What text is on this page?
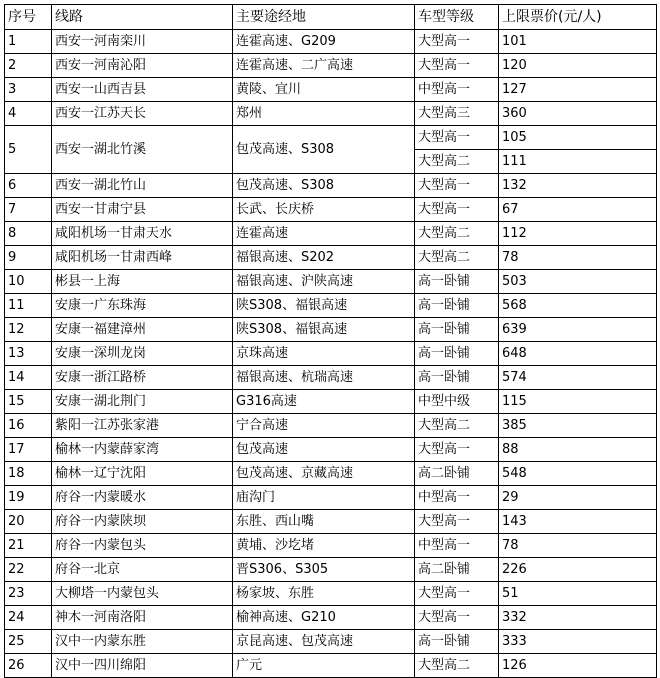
序号	线路	主要途经地	车型等级	上限票价(元/人)
1	西安一河南栾川	连霍高速、G209	大型高一	101
2	西安一河南沁阳	连霍高速、二广高速	大型高一	120
3	西安一山西吉县	黄陵、宜川	中型高一	127
4	西安一江苏天长	郑州	大型高三	360
5	西安一湖北竹溪	包茂高速、S308	大型高一	105
			大型高二	111
6	西安一湖北竹山	包茂高速、S308	大型高一	132
7	西安一甘肃宁县	长武、长庆桥	大型高一	67
8	咸阳机场一甘肃天水	连霍高速	大型高二	112
9	咸阳机场一甘肃西峰	福银高速、S202	大型高二	78
10	彬县一上海	福银高速、沪陕高速	高一卧铺	503
11	安康一广东珠海	陕S308、福银高速	高一卧铺	568
12	安康一福建漳州	陕S308、福银高速	高一卧铺	639
13	安康一深圳龙岗	京珠高速	高一卧铺	648
14	安康一浙江路桥	福银高速、杭瑞高速	高一卧铺	574
15	安康一湖北荆门	G316高速	中型中级	115
16	紫阳一江苏张家港	宁合高速	大型高二	385
17	榆林一内蒙薛家湾	包茂高速	大型高一	88
18	榆林一辽宁沈阳	包茂高速、京藏高速	高二卧铺	548
19	府谷一内蒙暖水	庙沟门	中型高一	29
20	府谷一内蒙陕坝	东胜、西山嘴	大型高一	143
21	府谷一内蒙包头	黄埔、沙圪堵	中型高一	78
22	府谷一北京	晋S306、S305	高二卧铺	226
23	大柳塔一内蒙包头	杨家坡、东胜	大型高一	51
24	神木一河南洛阳	榆神高速、G210	大型高一	332
25	汉中一内蒙东胜	京昆高速、包茂高速	高一卧铺	333
26	汉中一四川绵阳	广元	大型高二	126
